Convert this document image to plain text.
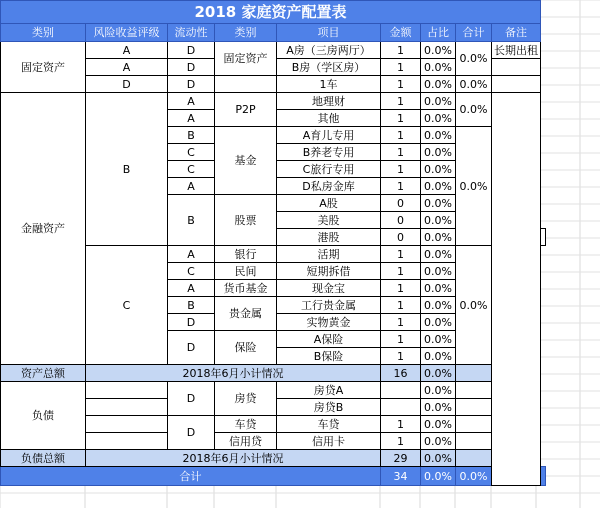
2018 家庭资产配置表									
类别	风险收益评级	流动性	类别	项目	金额	占比	合计	备注	
固定资产	A	D	固定资产	A房（三房两厅）	1	0.0%	0.0%	长期出租	
	A	D		B房（学区房）	1	0.0%			
	D	D		1车	1	0.0%	0.0%		
金融资产	B	A	P2P	地理财	1	0.0%	0.0%		
		A		其他	1	0.0%			
		B	基金	A育儿专用	1	0.0%	0.0%		
		C		B养老专用	1	0.0%			
		C		C旅行专用	1	0.0%			
		A		D私房金库	1	0.0%			
		B	股票	A股	0	0.0%			
				美股	0	0.0%			
				港股	0	0.0%			
	C	A	银行	活期	1	0.0%	0.0%		
		C	民间	短期拆借	1	0.0%			
		A	货币基金	现金宝	1	0.0%			
		B	贵金属	工行贵金属	1	0.0%			
		D		实物黄金	1	0.0%			
		D	保险	A保险	1	0.0%			
				B保险	1	0.0%			
资产总额	2018年6月小计情况				16	0.0%			
负债		D	房贷	房贷A		0.0%			
				房贷B		0.0%			
		D	车贷	车贷	1	0.0%			
			信用贷	信用卡	1	0.0%			
负债总额	2018年6月小计情况				29	0.0%			
合计					34	0.0%	0.0%		
